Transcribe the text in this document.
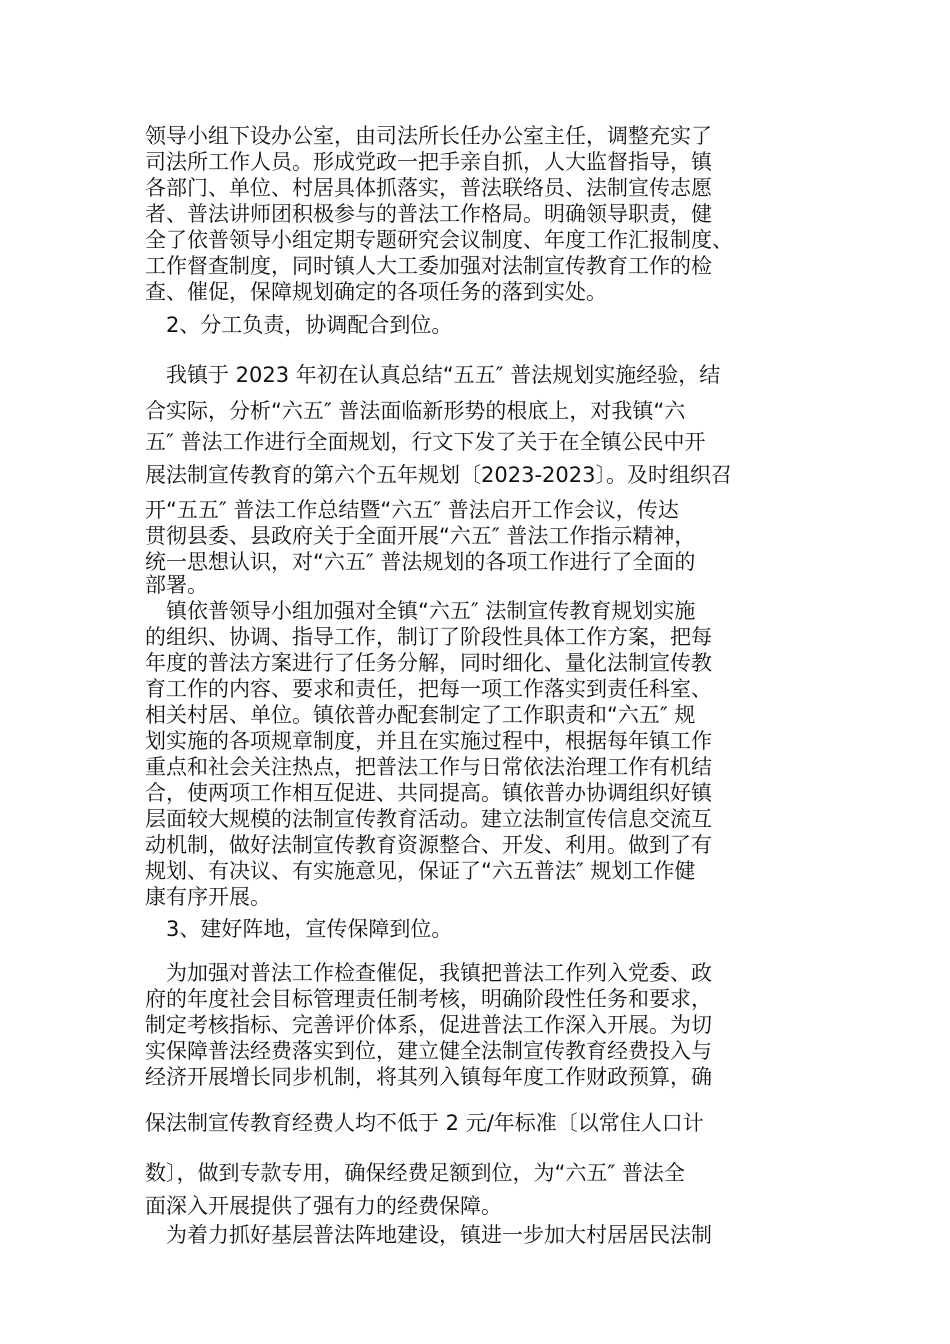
领导小组下设办公室，由司法所长任办公室主任，调整充实了

司法所工作人员。形成党政一把手亲自抓，人大监督指导，镇

各部门、单位、村居具体抓落实，普法联络员、法制宣传志愿

者、普法讲师团积极参与的普法工作格局。明确领导职责，健

全了依普领导小组定期专题研究会议制度、年度工作汇报制度、

工作督查制度，同时镇人大工委加强对法制宣传教育工作的检

查、催促，保障规划确定的各项任务的落到实处。

2、分工负责，协调配合到位。

我镇于 2023 年初在认真总结“五五″ 普法规划实施经验，结

合实际，分析“六五″ 普法面临新形势的根底上，对我镇“六

五″ 普法工作进行全面规划，行文下发了关于在全镇公民中开

展法制宣传教育的第六个五年规划〔2023-2023〕。及时组织召

开“五五″ 普法工作总结暨“六五″ 普法启开工作会议，传达

贯彻县委、县政府关于全面开展“六五″ 普法工作指示精神，

统一思想认识，对“六五″ 普法规划的各项工作进行了全面的

部署。

镇依普领导小组加强对全镇“六五″ 法制宣传教育规划实施

的组织、协调、指导工作，制订了阶段性具体工作方案，把每

年度的普法方案进行了任务分解，同时细化、量化法制宣传教

育工作的内容、要求和责任，把每一项工作落实到责任科室、

相关村居、单位。镇依普办配套制定了工作职责和“六五″ 规

划实施的各项规章制度，并且在实施过程中，根据每年镇工作

重点和社会关注热点，把普法工作与日常依法治理工作有机结

合，使两项工作相互促进、共同提高。镇依普办协调组织好镇

层面较大规模的法制宣传教育活动。建立法制宣传信息交流互

动机制，做好法制宣传教育资源整合、开发、利用。做到了有

规划、有决议、有实施意见，保证了“六五普法″ 规划工作健

康有序开展。

3、建好阵地，宣传保障到位。

为加强对普法工作检查催促，我镇把普法工作列入党委、政

府的年度社会目标管理责任制考核，明确阶段性任务和要求，

制定考核指标、完善评价体系，促进普法工作深入开展。为切

实保障普法经费落实到位，建立健全法制宣传教育经费投入与

经济开展增长同步机制，将其列入镇每年度工作财政预算，确

保法制宣传教育经费人均不低于 2 元/年标准〔以常住人口计

数〕，做到专款专用，确保经费足额到位，为“六五″ 普法全

面深入开展提供了强有力的经费保障。

为着力抓好基层普法阵地建设，镇进一步加大村居居民法制
